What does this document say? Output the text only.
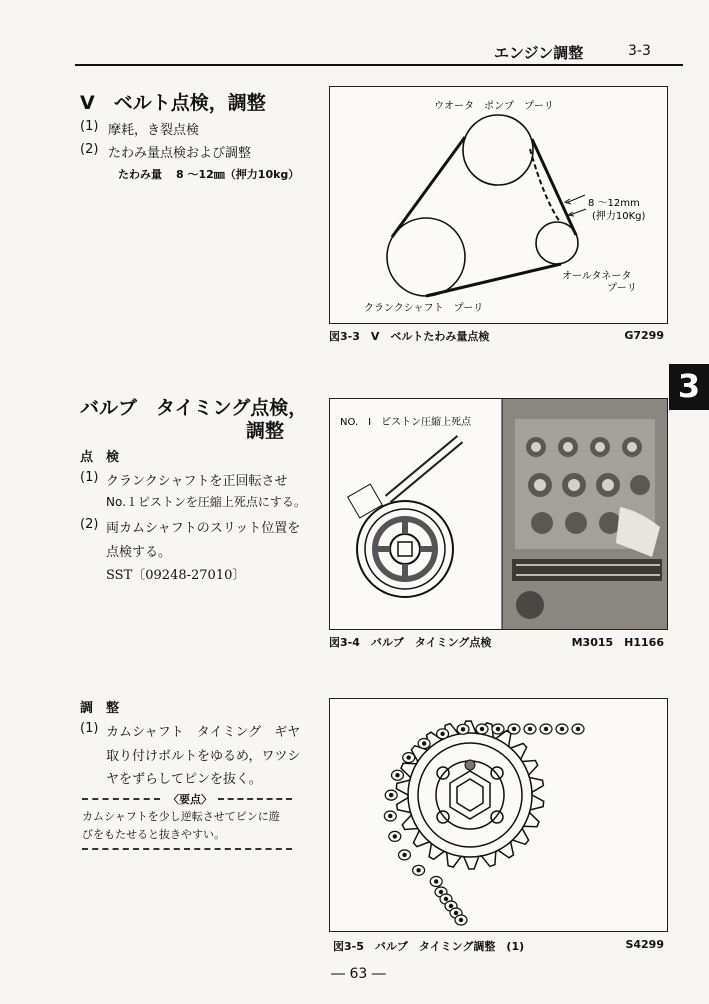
エンジン調整	3-3
3
V　ベルト点検，調整
(1) 摩耗，き裂点検
(2) たわみ量点検および調整
たわみ量 8 ～12㎜（押力10kg）
ウオータ　ポンプ　プーリ
8 ～12mm
(押力10Kg)
オールタネータ
プーリ
クランクシャフト　プーリ
図3-3　V　ベルトたわみ量点検	G7299
バルブ　タイミング点検，
調整
点　検
(1) クランクシャフトを正回転させ
No.１ピストンを圧縮上死点にする。
(2) 両カムシャフトのスリット位置を
点検する。
SST〔09248-27010〕
NO.　I　ピストン圧縮上死点
図3-4　バルブ　タイミング点検	M3015　H1166
調　整
(1) カムシャフト　タイミング　ギヤ
取り付けボルトをゆるめ，ワツシ
ヤをずらしてピンを抜く。
〈要点〉
カムシャフトを少し逆転させてピンに遊
びをもたせると抜きやすい。
図3-5　バルブ　タイミング調整　(1)	S4299
― 63 ―
